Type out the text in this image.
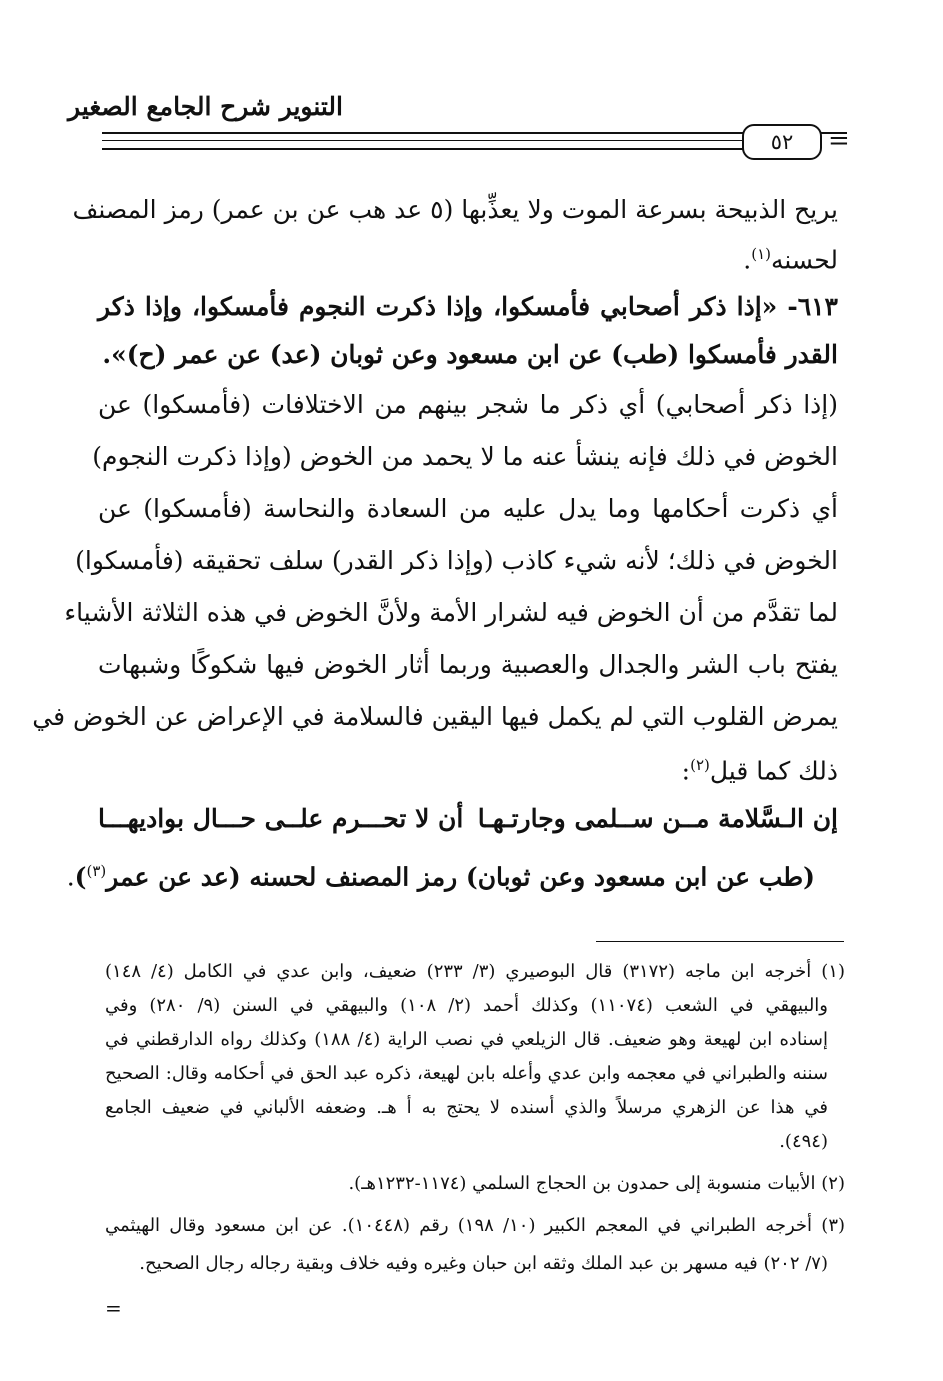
التنوير شرح الجامع الصغير
٥٢	=
يريح الذبيحة بسرعة الموت ولا يعذِّبها (٥ عد هب عن بن عمر) رمز المصنف
لحسنه$^{(١)}$.
٦١٣- «إذا ذكر أصحابي فأمسكوا، وإذا ذكرت النجوم فأمسكوا، وإذا ذكر
القدر فأمسكوا (طب) عن ابن مسعود وعن ثوبان (عد) عن عمر (ح)».
(إذا ذكر أصحابي) أي ذكر ما شجر بينهم من الاختلافات (فأمسكوا) عن
الخوض في ذلك فإنه ينشأ عنه ما لا يحمد من الخوض (وإذا ذكرت النجوم)
أي ذكرت أحكامها وما يدل عليه من السعادة والنحاسة (فأمسكوا) عن
الخوض في ذلك؛ لأنه شيء كاذب (وإذا ذكر القدر) سلف تحقيقه (فأمسكوا)
لما تقدَّم من أن الخوض فيه لشرار الأمة ولأنَّ الخوض في هذه الثلاثة الأشياء
يفتح باب الشر والجدال والعصبية وربما أثار الخوض فيها شكوكًا وشبهات
يمرض القلوب التي لم يكمل فيها اليقين فالسلامة في الإعراض عن الخوض في
ذلك كما قيل$^{(٢)}$:
إن الـسَّلامة مــن ســلمى وجارتـهـا
أن لا تحـــرم علــى حـــال بواديهـــا
(طب عن ابن مسعود وعن ثوبان) رمز المصنف لحسنه (عد عن عمر$^{(٣)}$).
(١) أخرجه ابن ماجه (٣١٧٢) قال البوصيري (٣/ ٢٣٣) ضعيف، وابن عدي في الكامل (٤/ ١٤٨)
والبيهقي في الشعب (١١٠٧٤) وكذلك أحمد (٢/ ١٠٨) والبيهقي في السنن (٩/ ٢٨٠) وفي
إسناده ابن لهيعة وهو ضعيف. قال الزيلعي في نصب الراية (٤/ ١٨٨) وكذلك رواه الدارقطني في
سننه والطبراني في معجمه وابن عدي وأعله بابن لهيعة، ذكره عبد الحق في أحكامه وقال: الصحيح
في هذا عن الزهري مرسلاً والذي أسنده لا يحتج به أ هـ. وضعفه الألباني في ضعيف الجامع
(٤٩٤).
(٢) الأبيات منسوبة إلى حمدون بن الحجاج السلمي (١١٧٤-١٢٣٢هـ).
(٣) أخرجه الطبراني في المعجم الكبير (١٠/ ١٩٨) رقم (١٠٤٤٨). عن ابن مسعود وقال الهيثمي
(٧/ ٢٠٢) فيه مسهر بن عبد الملك وثقه ابن حبان وغيره وفيه خلاف وبقية رجاله رجال الصحيح.
=
